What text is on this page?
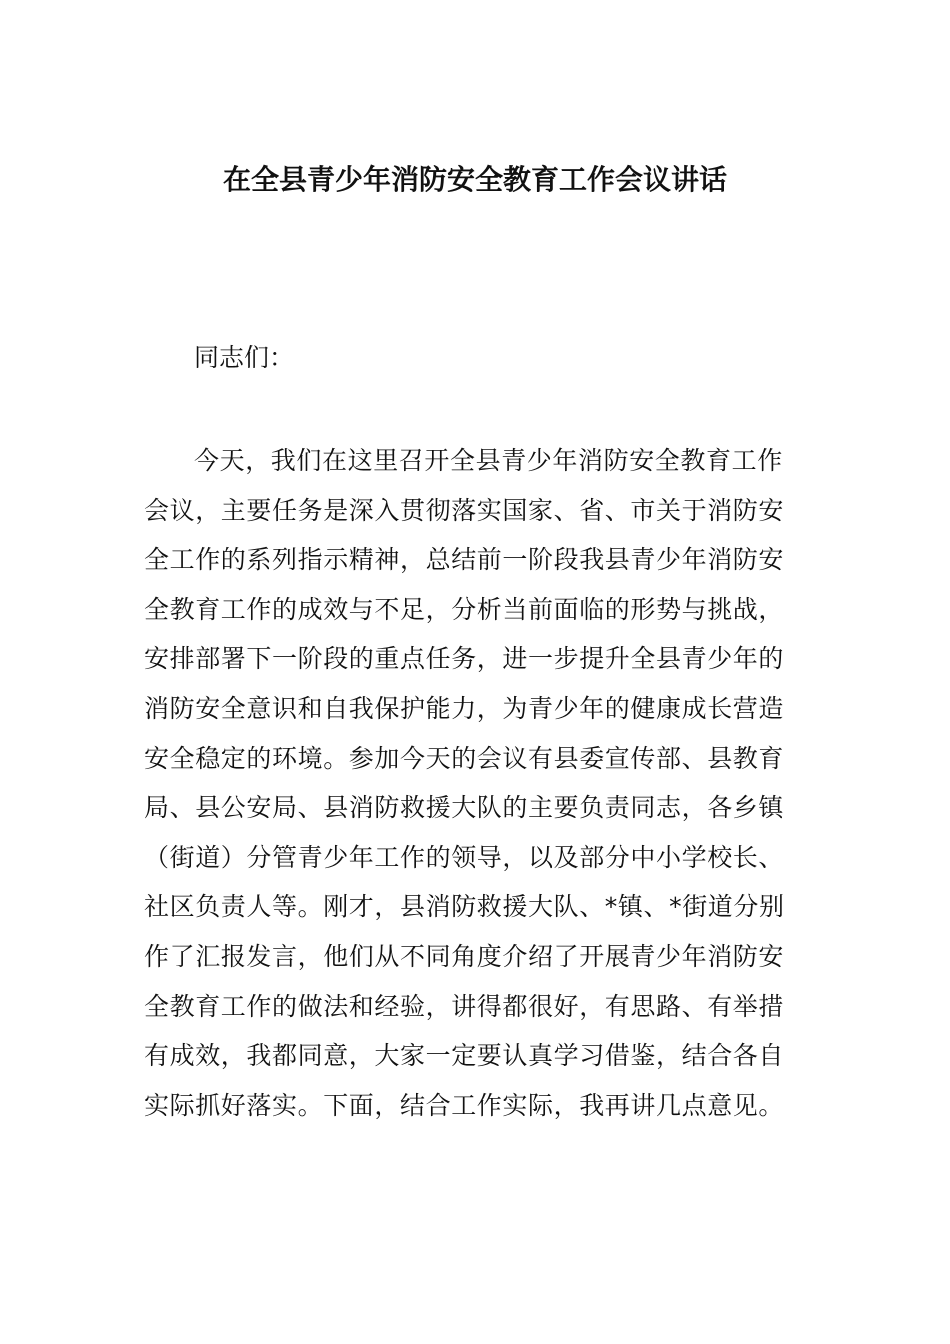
在全县青少年消防安全教育工作会议讲话

同志们：

今天，我们在这里召开全县青少年消防安全教育工作
会议，主要任务是深入贯彻落实国家、省、市关于消防安
全工作的系列指示精神，总结前一阶段我县青少年消防安
全教育工作的成效与不足，分析当前面临的形势与挑战，
安排部署下一阶段的重点任务，进一步提升全县青少年的
消防安全意识和自我保护能力，为青少年的健康成长营造
安全稳定的环境。参加今天的会议有县委宣传部、县教育
局、县公安局、县消防救援大队的主要负责同志，各乡镇
（街道）分管青少年工作的领导，以及部分中小学校长、
社区负责人等。刚才，县消防救援大队、*镇、*街道分别
作了汇报发言，他们从不同角度介绍了开展青少年消防安
全教育工作的做法和经验，讲得都很好，有思路、有举措
有成效，我都同意，大家一定要认真学习借鉴，结合各自
实际抓好落实。下面，结合工作实际，我再讲几点意见。
